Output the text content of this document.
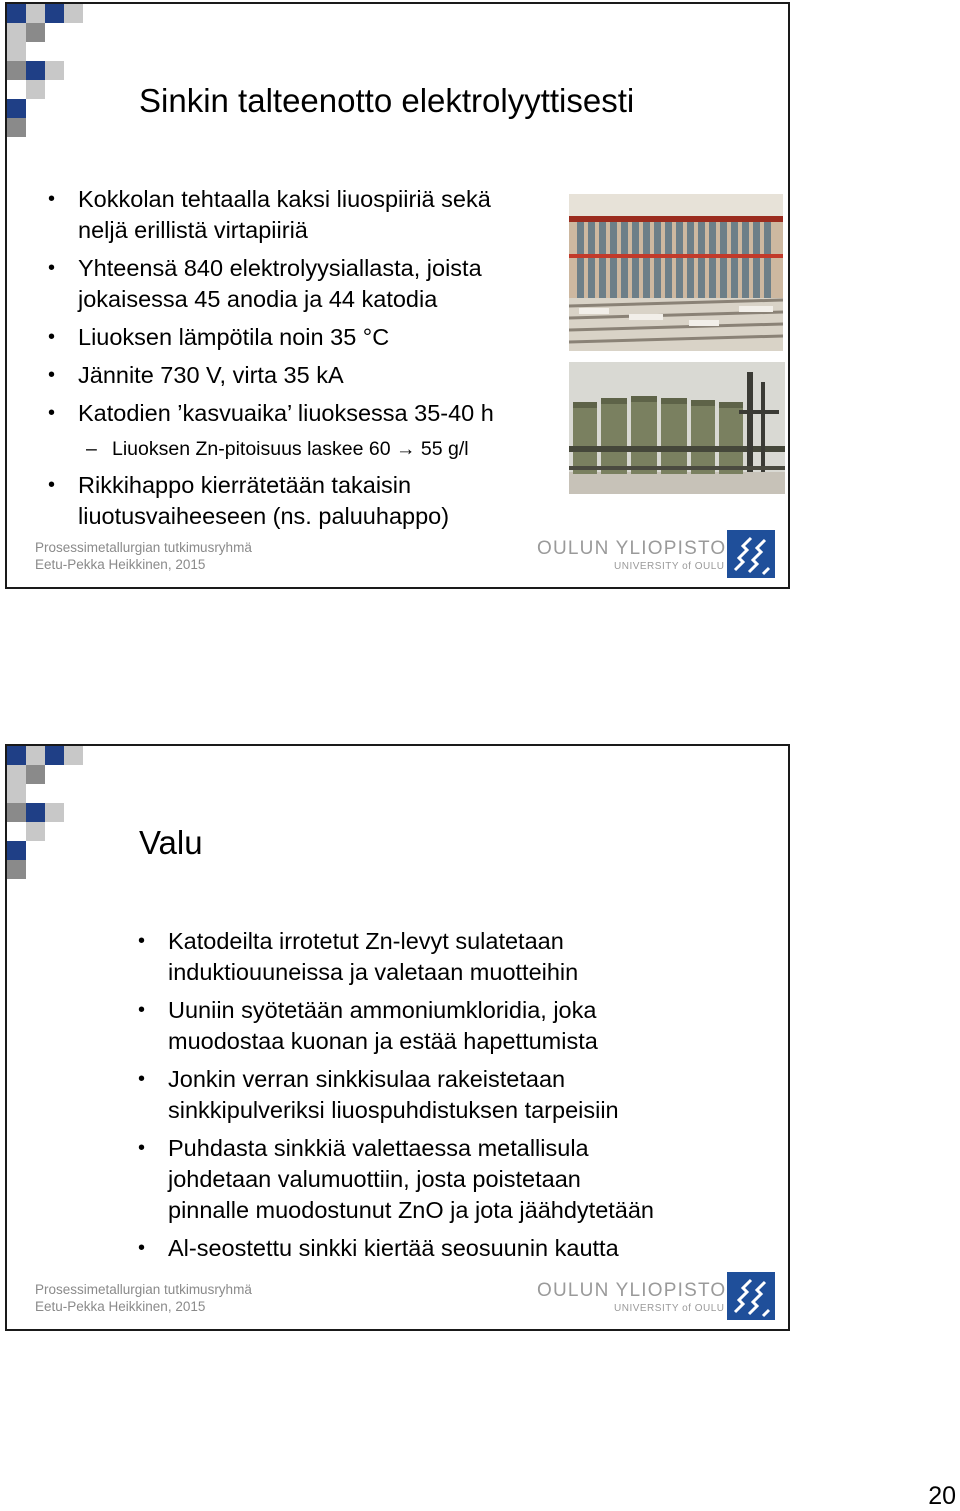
Sinkin talteenotto elektrolyyttisesti
• Kokkolan tehtaalla kaksi liuospiiriä sekä
neljä erillistä virtapiiriä
• Yhteensä 840 elektrolyysiallasta, joista
jokaisessa 45 anodia ja 44 katodia
• Liuoksen lämpötila noin 35 °C
• Jännite 730 V, virta 35 kA
• Katodien ’kasvuaika’ liuoksessa 35-40 h
– Liuoksen Zn-pitoisuus laskee 60 → 55 g/l
• Rikkihappo kierrätetään takaisin
liuotusvaiheeseen (ns. paluuhappo)
Prosessimetallurgian tutkimusryhmä
Eetu-Pekka Heikkinen, 2015
OULUN YLIOPISTO
UNIVERSITY of OULU
Valu
• Katodeilta irrotetut Zn-levyt sulatetaan
induktiouuneissa ja valetaan muotteihin
• Uuniin syötetään ammoniumkloridia, joka
muodostaa kuonan ja estää hapettumista
• Jonkin verran sinkkisulaa rakeistetaan
sinkkipulveriksi liuospuhdistuksen tarpeisiin
• Puhdasta sinkkiä valettaessa metallisula
johdetaan valumuottiin, josta poistetaan
pinnalle muodostunut ZnO ja jota jäähdytetään
• Al-seostettu sinkki kiertää seosuunin kautta
Prosessimetallurgian tutkimusryhmä
Eetu-Pekka Heikkinen, 2015
OULUN YLIOPISTO
UNIVERSITY of OULU
20
